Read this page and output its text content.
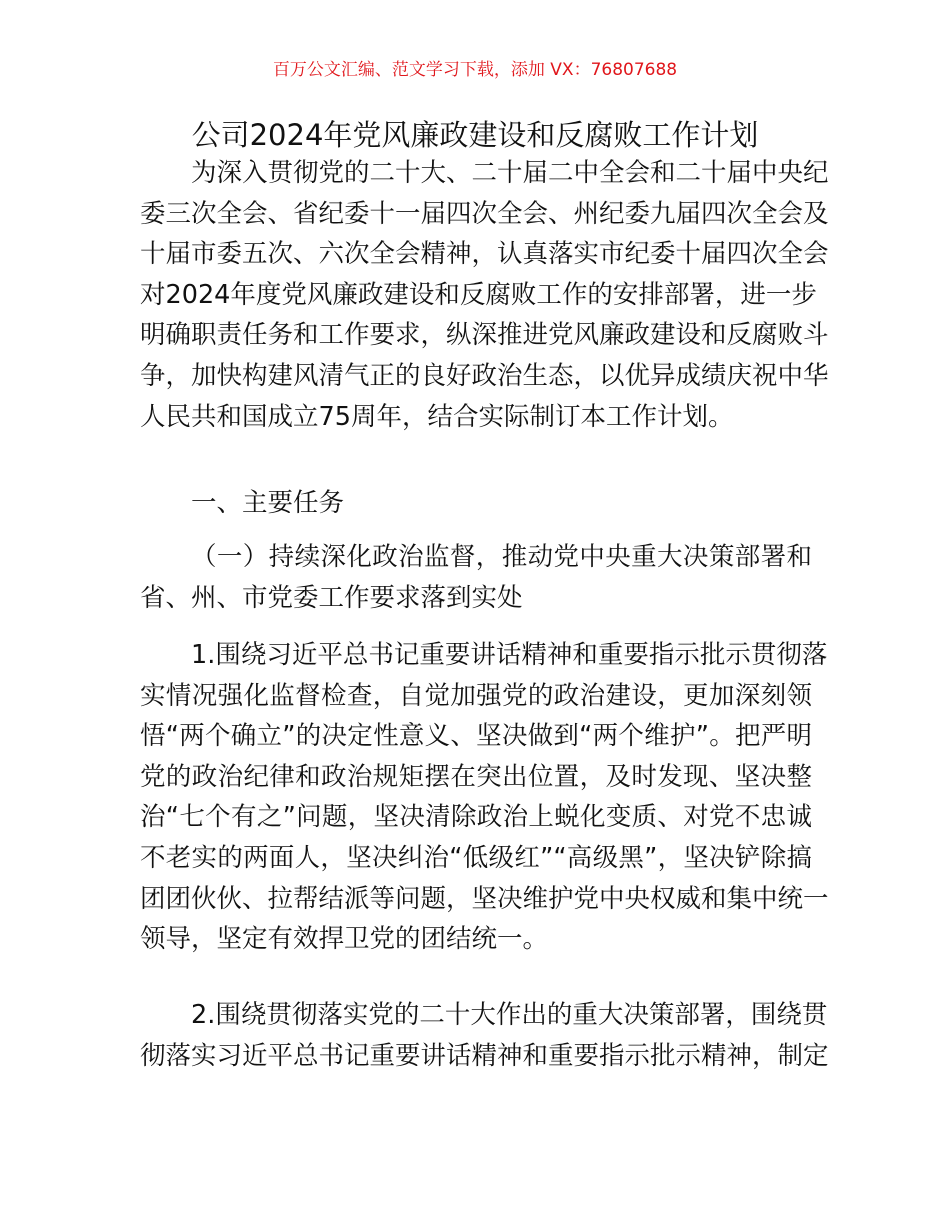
百万公文汇编、范文学习下载，添加 VX：76807688
公司2024年党风廉政建设和反腐败工作计划
为深入贯彻党的二十大、二十届二中全会和二十届中央纪
委三次全会、省纪委十一届四次全会、州纪委九届四次全会及
十届市委五次、六次全会精神，认真落实市纪委十届四次全会
对2024年度党风廉政建设和反腐败工作的安排部署，进一步
明确职责任务和工作要求，纵深推进党风廉政建设和反腐败斗
争，加快构建风清气正的良好政治生态，以优异成绩庆祝中华
人民共和国成立75周年，结合实际制订本工作计划。
一、主要任务
（一）持续深化政治监督，推动党中央重大决策部署和
省、州、市党委工作要求落到实处
1.围绕习近平总书记重要讲话精神和重要指示批示贯彻落
实情况强化监督检查，自觉加强党的政治建设，更加深刻领
悟“两个确立”的决定性意义、坚决做到“两个维护”。把严明
党的政治纪律和政治规矩摆在突出位置，及时发现、坚决整
治“七个有之”问题，坚决清除政治上蜕化变质、对党不忠诚
不老实的两面人，坚决纠治“低级红”“高级黑”，坚决铲除搞
团团伙伙、拉帮结派等问题，坚决维护党中央权威和集中统一
领导，坚定有效捍卫党的团结统一。
2.围绕贯彻落实党的二十大作出的重大决策部署，围绕贯
彻落实习近平总书记重要讲话精神和重要指示批示精神，制定
